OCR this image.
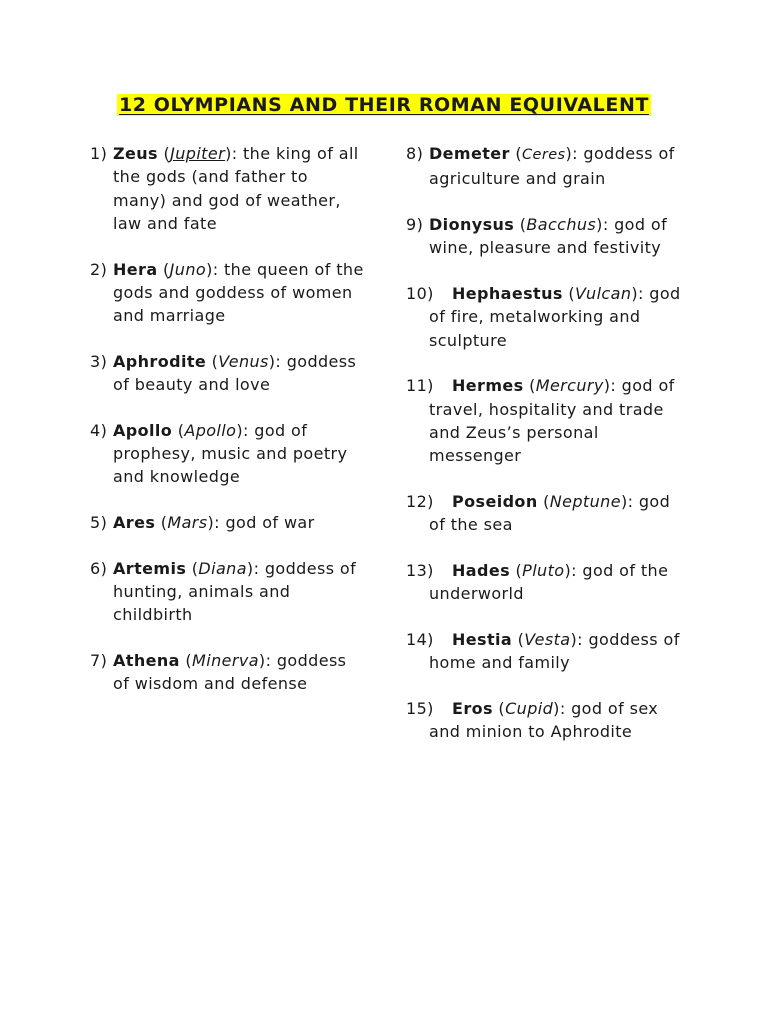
12 OLYMPIANS AND THEIR ROMAN EQUIVALENT
1) Zeus (Jupiter): the king of all the gods (and father to many) and god of weather, law and fate
2) Hera (Juno): the queen of the gods and goddess of women and marriage
3) Aphrodite (Venus): goddess of beauty and love
4) Apollo (Apollo): god of prophesy, music and poetry and knowledge
5) Ares (Mars): god of war
6) Artemis (Diana): goddess of hunting, animals and childbirth
7) Athena (Minerva): goddess of wisdom and defense
8) Demeter (Ceres): goddess of agriculture and grain
9) Dionysus (Bacchus): god of wine, pleasure and festivity
10) Hephaestus (Vulcan): god of fire, metalworking and sculpture
11) Hermes (Mercury): god of travel, hospitality and trade and Zeus’s personal messenger
12) Poseidon (Neptune): god of the sea
13) Hades (Pluto): god of the underworld
14) Hestia (Vesta): goddess of home and family
15) Eros (Cupid): god of sex and minion to Aphrodite
